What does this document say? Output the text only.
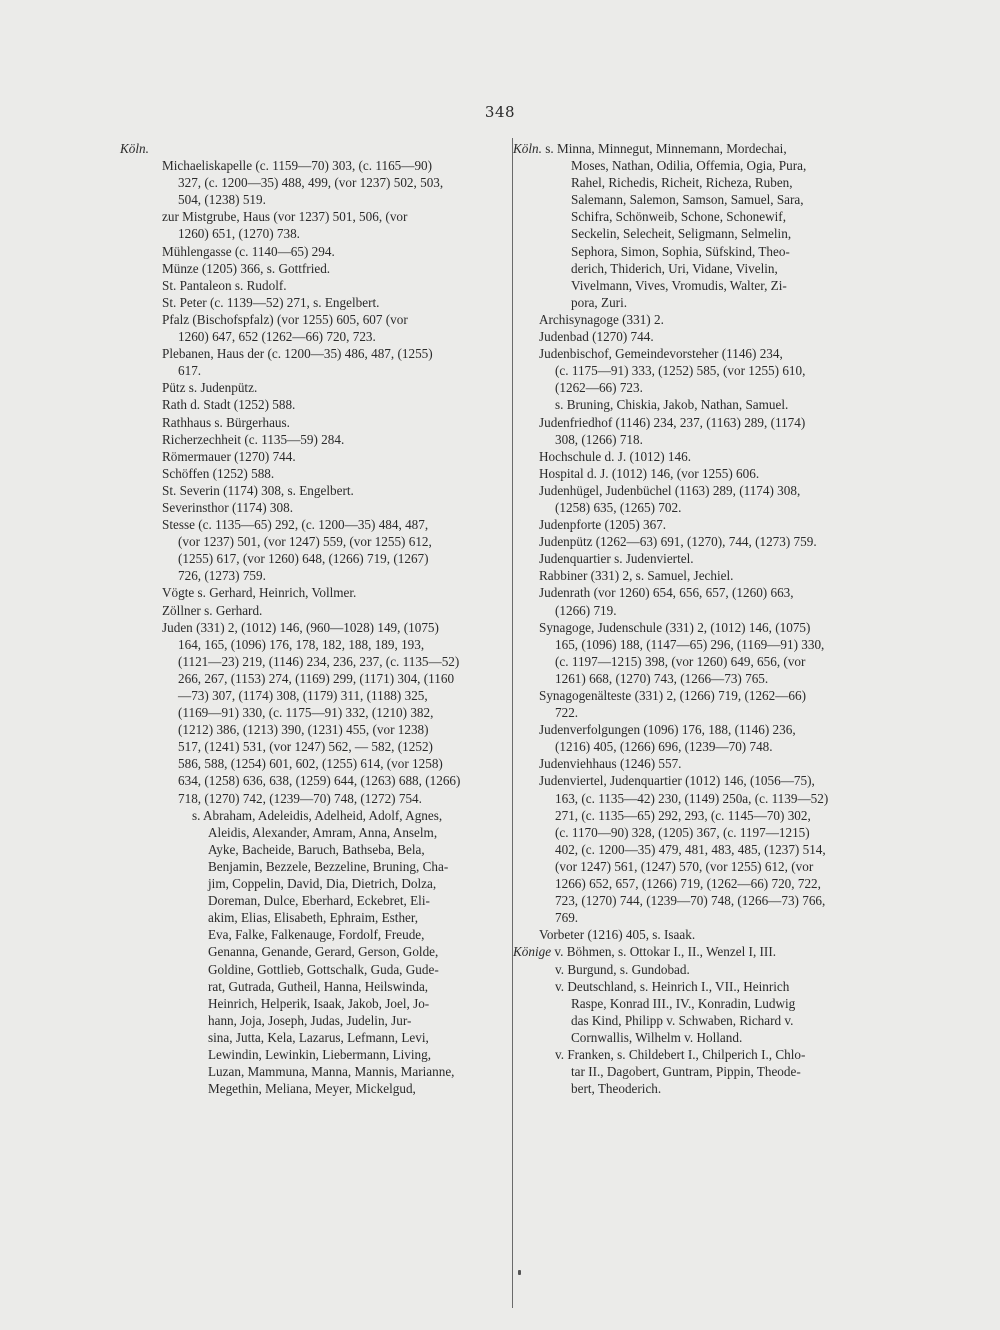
348
Köln.
Michaeliskapelle (c. 1159—70) 303, (c. 1165—90)
327, (c. 1200—35) 488, 499, (vor 1237) 502, 503,
504, (1238) 519.
zur Mistgrube, Haus (vor 1237) 501, 506, (vor
1260) 651, (1270) 738.
Mühlengasse (c. 1140—65) 294.
Münze (1205) 366, s. Gottfried.
St. Pantaleon s. Rudolf.
St. Peter (c. 1139—52) 271, s. Engelbert.
Pfalz (Bischofspfalz) (vor 1255) 605, 607 (vor
1260) 647, 652 (1262—66) 720, 723.
Plebanen, Haus der (c. 1200—35) 486, 487, (1255)
617.
Pütz s. Judenpütz.
Rath d. Stadt (1252) 588.
Rathhaus s. Bürgerhaus.
Richerzechheit (c. 1135—59) 284.
Römermauer (1270) 744.
Schöffen (1252) 588.
St. Severin (1174) 308, s. Engelbert.
Severinsthor (1174) 308.
Stesse (c. 1135—65) 292, (c. 1200—35) 484, 487,
(vor 1237) 501, (vor 1247) 559, (vor 1255) 612,
(1255) 617, (vor 1260) 648, (1266) 719, (1267)
726, (1273) 759.
Vögte s. Gerhard, Heinrich, Vollmer.
Zöllner s. Gerhard.
Juden (331) 2, (1012) 146, (960—1028) 149, (1075)
164, 165, (1096) 176, 178, 182, 188, 189, 193,
(1121—23) 219, (1146) 234, 236, 237, (c. 1135—52)
266, 267, (1153) 274, (1169) 299, (1171) 304, (1160
—73) 307, (1174) 308, (1179) 311, (1188) 325,
(1169—91) 330, (c. 1175—91) 332, (1210) 382,
(1212) 386, (1213) 390, (1231) 455, (vor 1238)
517, (1241) 531, (vor 1247) 562, — 582, (1252)
586, 588, (1254) 601, 602, (1255) 614, (vor 1258)
634, (1258) 636, 638, (1259) 644, (1263) 688, (1266)
718, (1270) 742, (1239—70) 748, (1272) 754.
s. Abraham, Adeleidis, Adelheid, Adolf, Agnes,
Aleidis, Alexander, Amram, Anna, Anselm,
Ayke, Bacheide, Baruch, Bathseba, Bela,
Benjamin, Bezzele, Bezzeline, Bruning, Cha-
jim, Coppelin, David, Dia, Dietrich, Dolza,
Doreman, Dulce, Eberhard, Eckebret, Eli-
akim, Elias, Elisabeth, Ephraim, Esther,
Eva, Falke, Falkenauge, Fordolf, Freude,
Genanna, Genande, Gerard, Gerson, Golde,
Goldine, Gottlieb, Gottschalk, Guda, Gude-
rat, Gutrada, Gutheil, Hanna, Heilswinda,
Heinrich, Helperik, Isaak, Jakob, Joel, Jo-
hann, Joja, Joseph, Judas, Judelin, Jur-
sina, Jutta, Kela, Lazarus, Lefmann, Levi,
Lewindin, Lewinkin, Liebermann, Living,
Luzan, Mammuna, Manna, Mannis, Marianne,
Megethin, Meliana, Meyer, Mickelgud,
Köln. s. Minna, Minnegut, Minnemann, Mordechai,
Moses, Nathan, Odilia, Offemia, Ogia, Pura,
Rahel, Richedis, Richeit, Richeza, Ruben,
Salemann, Salemon, Samson, Samuel, Sara,
Schifra, Schönweib, Schone, Schonewif,
Seckelin, Selecheit, Seligmann, Selmelin,
Sephora, Simon, Sophia, Süfskind, Theo-
derich, Thiderich, Uri, Vidane, Vivelin,
Vivelmann, Vives, Vromudis, Walter, Zi-
pora, Zuri.
Archisynagoge (331) 2.
Judenbad (1270) 744.
Judenbischof, Gemeindevorsteher (1146) 234,
(c. 1175—91) 333, (1252) 585, (vor 1255) 610,
(1262—66) 723.
s. Bruning, Chiskia, Jakob, Nathan, Samuel.
Judenfriedhof (1146) 234, 237, (1163) 289, (1174)
308, (1266) 718.
Hochschule d. J. (1012) 146.
Hospital d. J. (1012) 146, (vor 1255) 606.
Judenhügel, Judenbüchel (1163) 289, (1174) 308,
(1258) 635, (1265) 702.
Judenpforte (1205) 367.
Judenpütz (1262—63) 691, (1270), 744, (1273) 759.
Judenquartier s. Judenviertel.
Rabbiner (331) 2, s. Samuel, Jechiel.
Judenrath (vor 1260) 654, 656, 657, (1260) 663,
(1266) 719.
Synagoge, Judenschule (331) 2, (1012) 146, (1075)
165, (1096) 188, (1147—65) 296, (1169—91) 330,
(c. 1197—1215) 398, (vor 1260) 649, 656, (vor
1261) 668, (1270) 743, (1266—73) 765.
Synagogenälteste (331) 2, (1266) 719, (1262—66)
722.
Judenverfolgungen (1096) 176, 188, (1146) 236,
(1216) 405, (1266) 696, (1239—70) 748.
Judenviehhaus (1246) 557.
Judenviertel, Judenquartier (1012) 146, (1056—75),
163, (c. 1135—42) 230, (1149) 250a, (c. 1139—52)
271, (c. 1135—65) 292, 293, (c. 1145—70) 302,
(c. 1170—90) 328, (1205) 367, (c. 1197—1215)
402, (c. 1200—35) 479, 481, 483, 485, (1237) 514,
(vor 1247) 561, (1247) 570, (vor 1255) 612, (vor
1266) 652, 657, (1266) 719, (1262—66) 720, 722,
723, (1270) 744, (1239—70) 748, (1266—73) 766,
769.
Vorbeter (1216) 405, s. Isaak.
Könige v. Böhmen, s. Ottokar I., II., Wenzel I, III.
v. Burgund, s. Gundobad.
v. Deutschland, s. Heinrich I., VII., Heinrich
Raspe, Konrad III., IV., Konradin, Ludwig
das Kind, Philipp v. Schwaben, Richard v.
Cornwallis, Wilhelm v. Holland.
v. Franken, s. Childebert I., Chilperich I., Chlo-
tar II., Dagobert, Guntram, Pippin, Theode-
bert, Theoderich.
